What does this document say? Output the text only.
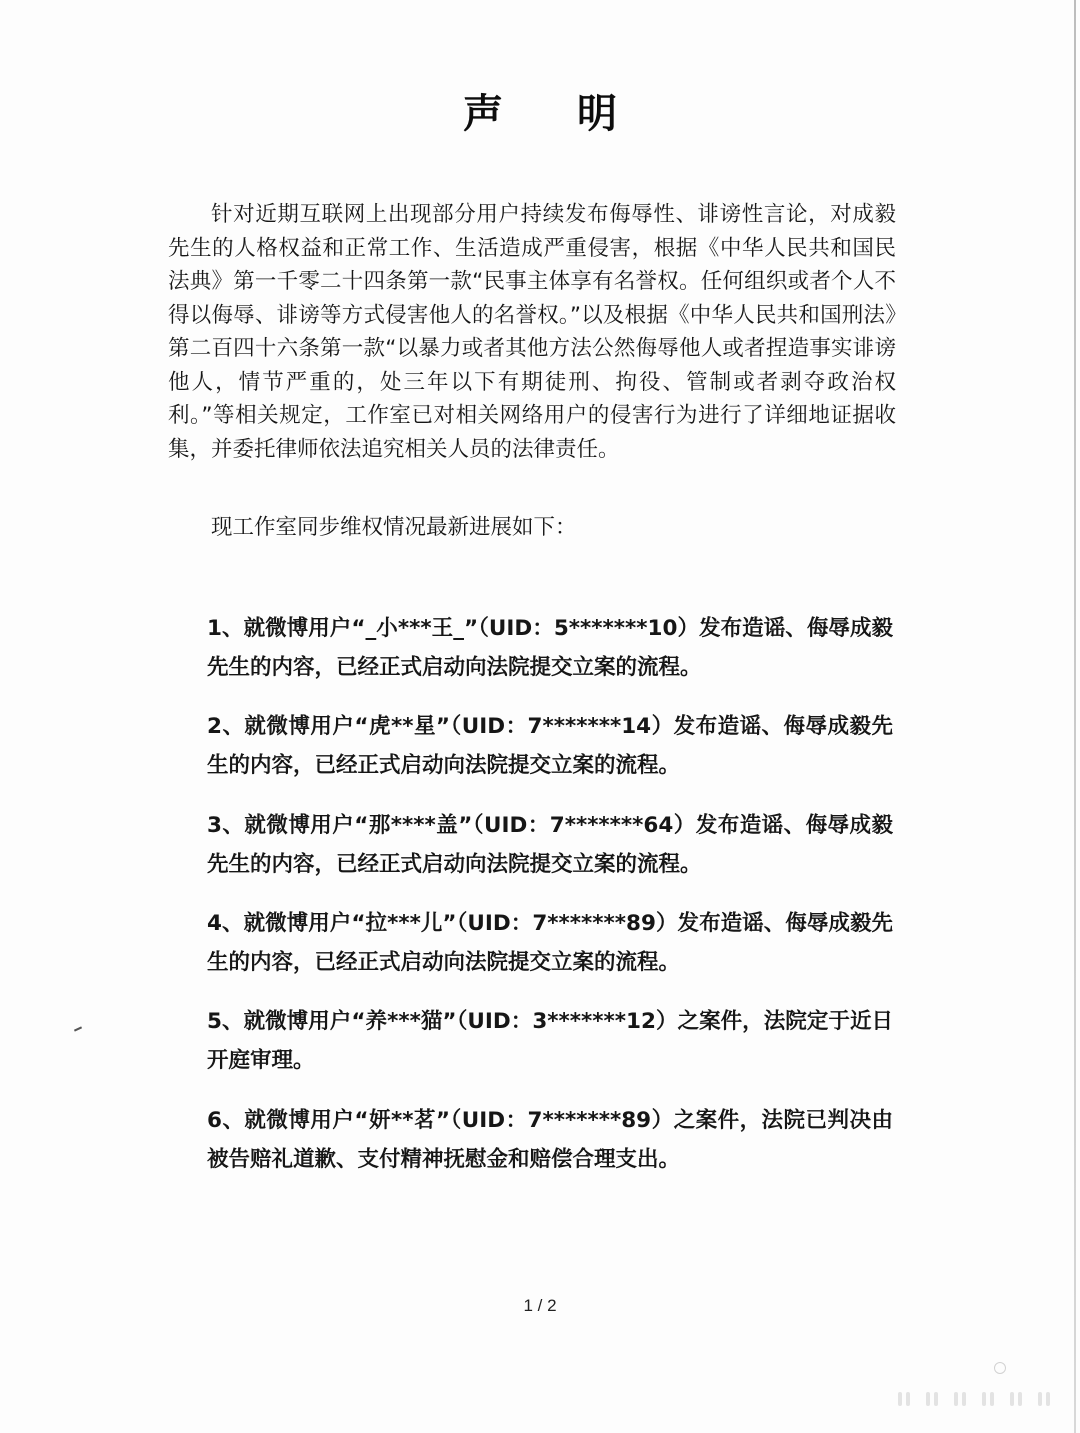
声 明
针对近期互联网上出现部分用户持续发布侮辱性、诽谤性言论，对成毅先生的人格权益和正常工作、生活造成严重侵害，根据《中华人民共和国民法典》第一千零二十四条第一款“民事主体享有名誉权。任何组织或者个人不得以侮辱、诽谤等方式侵害他人的名誉权。”以及根据《中华人民共和国刑法》第二百四十六条第一款“以暴力或者其他方法公然侮辱他人或者捏造事实诽谤他人，情节严重的，处三年以下有期徒刑、拘役、管制或者剥夺政治权利。”等相关规定，工作室已对相关网络用户的侵害行为进行了详细地证据收集，并委托律师依法追究相关人员的法律责任。
现工作室同步维权情况最新进展如下：
1、就微博用户“_小***王_”（UID：5*******10）发布造谣、侮辱成毅先生的内容，已经正式启动向法院提交立案的流程。
2、就微博用户“虎**星”（UID：7*******14）发布造谣、侮辱成毅先生的内容，已经正式启动向法院提交立案的流程。
3、就微博用户“那****盖”（UID：7*******64）发布造谣、侮辱成毅先生的内容，已经正式启动向法院提交立案的流程。
4、就微博用户“拉***儿”（UID：7*******89）发布造谣、侮辱成毅先生的内容，已经正式启动向法院提交立案的流程。
5、就微博用户“养***猫”（UID：3*******12）之案件，法院定于近日开庭审理。
6、就微博用户“妍**茗”（UID：7*******89）之案件，法院已判决由被告赔礼道歉、支付精神抚慰金和赔偿合理支出。
1 / 2
